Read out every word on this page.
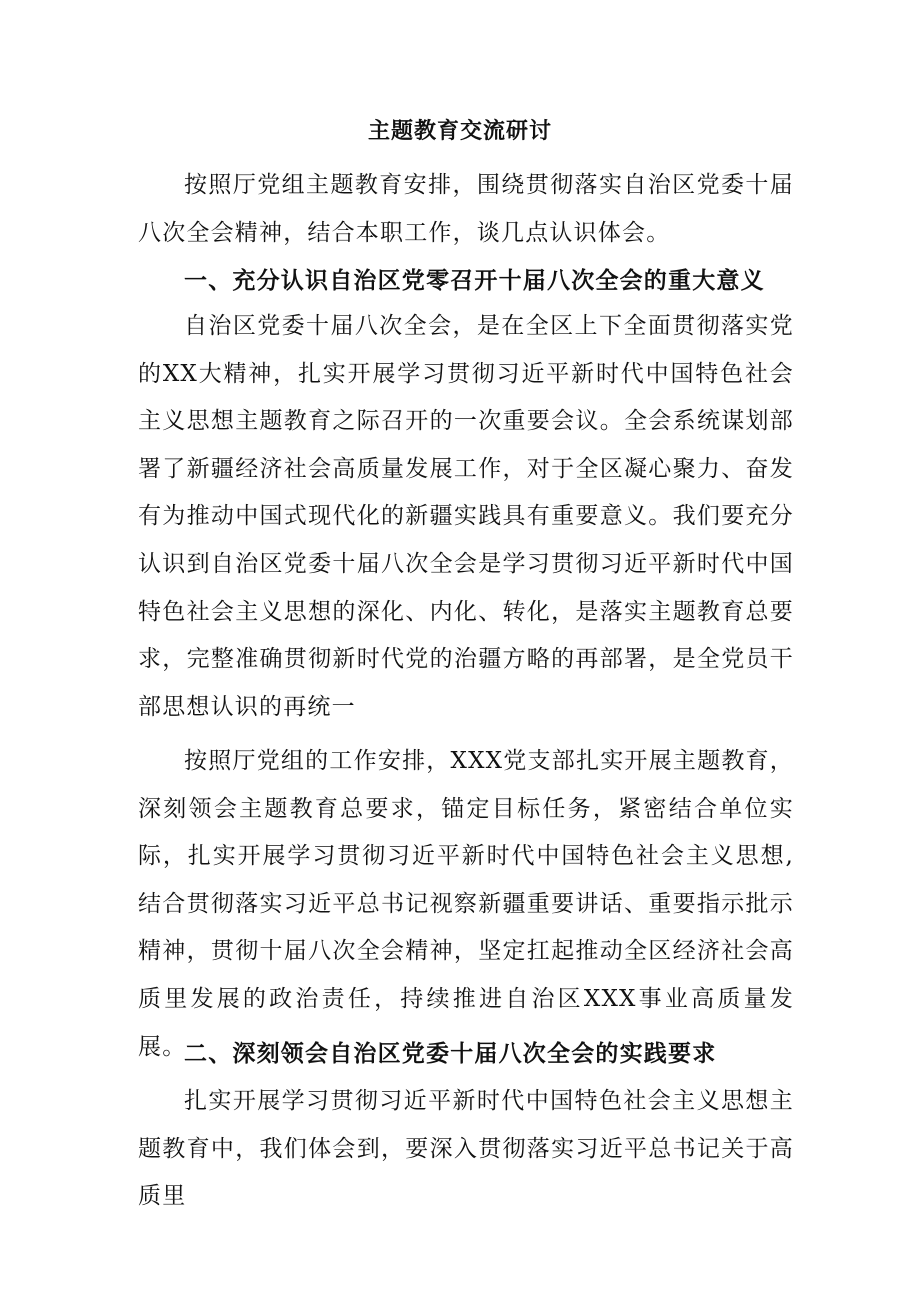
主题教育交流研讨
按照厅党组主题教育安排，围绕贯彻落实自治区党委十届八次全会精神，结合本职工作，谈几点认识体会。
一、充分认识自治区党零召开十届八次全会的重大意义
自治区党委十届八次全会，是在全区上下全面贯彻落实党的XX大精神，扎实开展学习贯彻习近平新时代中国特色社会主义思想主题教育之际召开的一次重要会议。全会系统谋划部署了新疆经济社会高质量发展工作，对于全区凝心聚力、奋发有为推动中国式现代化的新疆实践具有重要意义。我们要充分认识到自治区党委十届八次全会是学习贯彻习近平新时代中国特色社会主义思想的深化、内化、转化，是落实主题教育总要求，完整准确贯彻新时代党的治疆方略的再部署，是全党员干部思想认识的再统一
按照厅党组的工作安排，XXX党支部扎实开展主题教育，深刻领会主题教育总要求，锚定目标任务，紧密结合单位实际，扎实开展学习贯彻习近平新时代中国特色社会主义思想,结合贯彻落实习近平总书记视察新疆重要讲话、重要指示批示精神，贯彻十届八次全会精神，坚定扛起推动全区经济社会高质里发展的政治责任，持续推进自治区XXX事业高质量发展。
二、深刻领会自治区党委十届八次全会的实践要求
扎实开展学习贯彻习近平新时代中国特色社会主义思想主题教育中，我们体会到，要深入贯彻落实习近平总书记关于高质里
